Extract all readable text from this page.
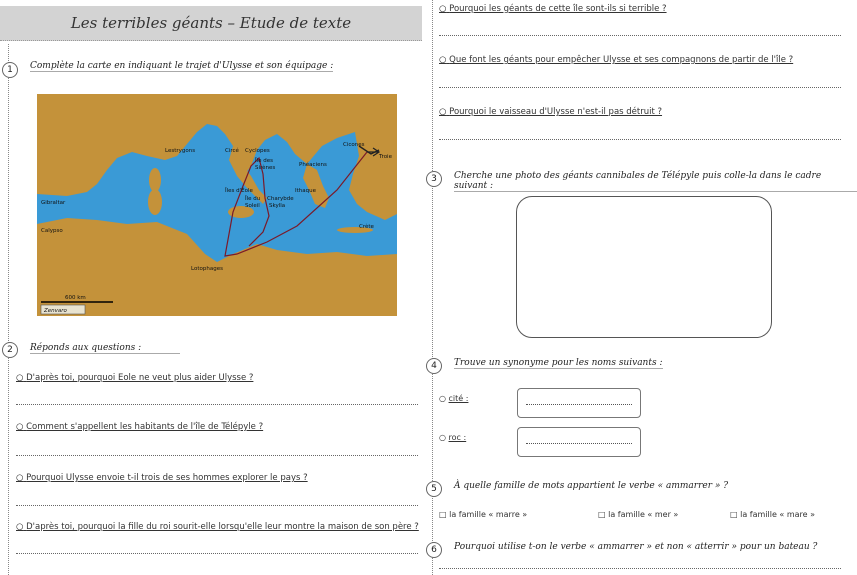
Les terribles géants – Etude de texte
1	Complète la carte en indiquant le trajet d'Ulysse et son équipage :
Lestrygons	Circé Cyclopes
Île des
Sirènes	Phéaciens
Cicones
Troie
Gibraltar
Îles d'Éole
Île du
Soleil
Charybde
Skylla
Ithaque
Calypso
Crète
Lotophages
600 km
Zenvaro
2	Réponds aux questions :
○ D'après toi, pourquoi Eole ne veut plus aider Ulysse ?
○ Comment s'appellent les habitants de l'île de Télépyle ?
○ Pourquoi Ulysse envoie t-il trois de ses hommes explorer le pays ?
○ D'après toi, pourquoi la fille du roi sourit-elle lorsqu'elle leur montre la maison de son père ?
○ Pourquoi les géants de cette île sont-ils si terrible ?
○ Que font les géants pour empêcher Ulysse et ses compagnons de partir de l'île ?
○ Pourquoi le vaisseau d'Ulysse n'est-il pas détruit ?
3	Cherche une photo des géants cannibales de Télépyle puis colle-la dans le cadre suivant :
4	Trouve un synonyme pour les noms suivants :
○ cité :
○ roc :
5	À quelle famille de mots appartient le verbe « ammarrer » ?
□ la famille « marre »	□ la famille « mer »	□ la famille « mare »
6	Pourquoi utilise t-on le verbe « ammarrer » et non « atterrir » pour un bateau ?
